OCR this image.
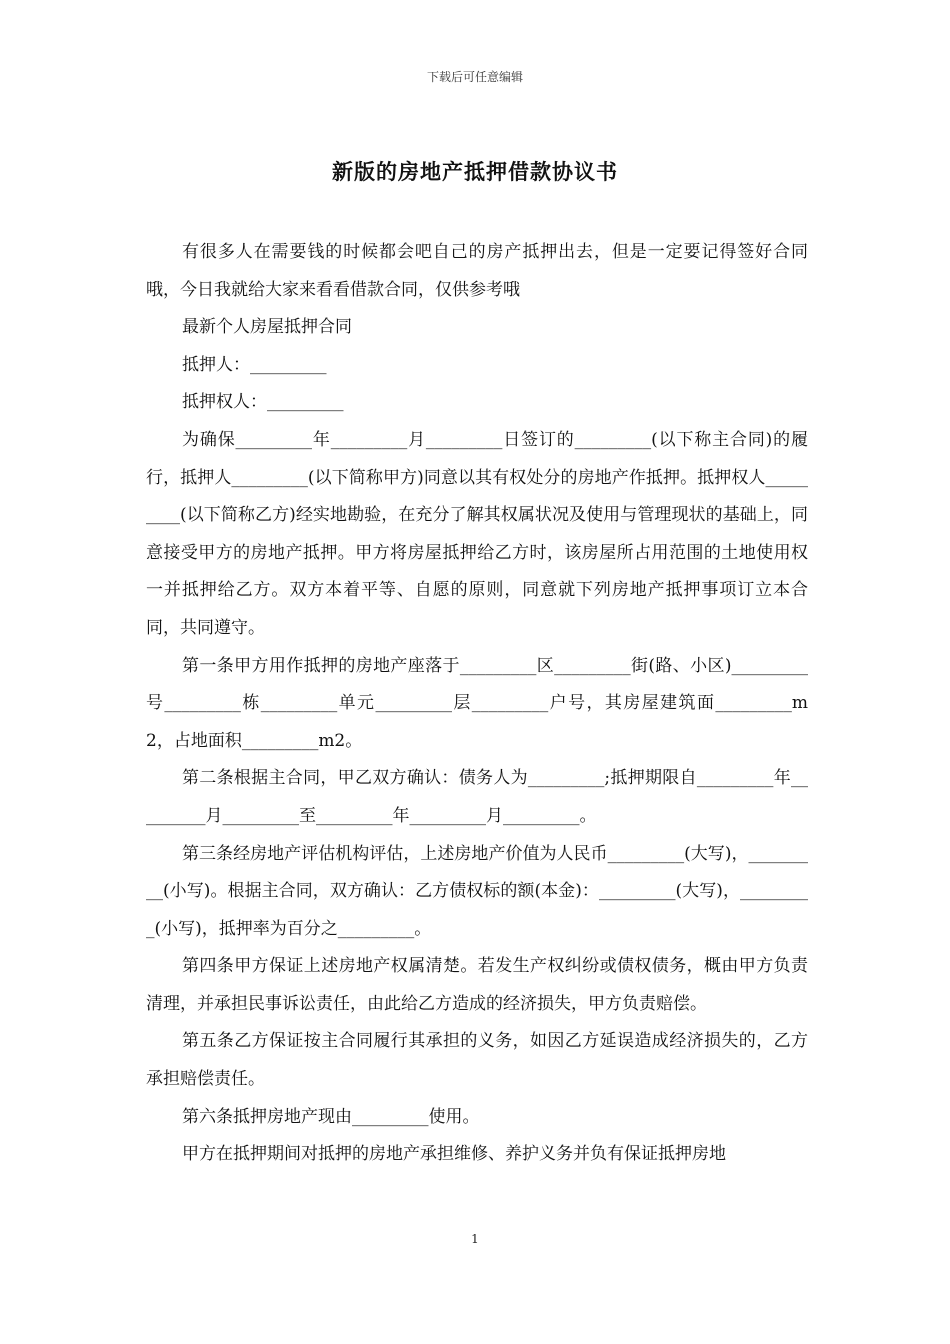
下载后可任意编辑
新版的房地产抵押借款协议书

有很多人在需要钱的时候都会吧自己的房产抵押出去，但是一定要记得签好合同哦，今日我就给大家来看看借款合同，仅供参考哦

最新个人房屋抵押合同

抵押人：_________

抵押权人：_________

为确保_________年_________月_________日签订的_________(以下称主合同)的履行，抵押人_________(以下简称甲方)同意以其有权处分的房地产作抵押。抵押权人_________(以下简称乙方)经实地勘验，在充分了解其权属状况及使用与管理现状的基础上，同意接受甲方的房地产抵押。甲方将房屋抵押给乙方时，该房屋所占用范围的土地使用权一并抵押给乙方。双方本着平等、自愿的原则，同意就下列房地产抵押事项订立本合同，共同遵守。

第一条甲方用作抵押的房地产座落于_________区_________街(路、小区)_________号_________栋_________单元_________层_________户号，其房屋建筑面_________m2，占地面积_________m2。

第二条根据主合同，甲乙双方确认：债务人为_________;抵押期限自_________年_________月_________至_________年_________月_________。

第三条经房地产评估机构评估，上述房地产价值为人民币_________(大写)，_________(小写)。根据主合同，双方确认：乙方债权标的额(本金)：_________(大写)，_________(小写)，抵押率为百分之_________。

第四条甲方保证上述房地产权属清楚。若发生产权纠纷或债权债务，概由甲方负责清理，并承担民事诉讼责任，由此给乙方造成的经济损失，甲方负责赔偿。

第五条乙方保证按主合同履行其承担的义务，如因乙方延误造成经济损失的，乙方承担赔偿责任。

第六条抵押房地产现由_________使用。

甲方在抵押期间对抵押的房地产承担维修、养护义务并负有保证抵押房地

1
